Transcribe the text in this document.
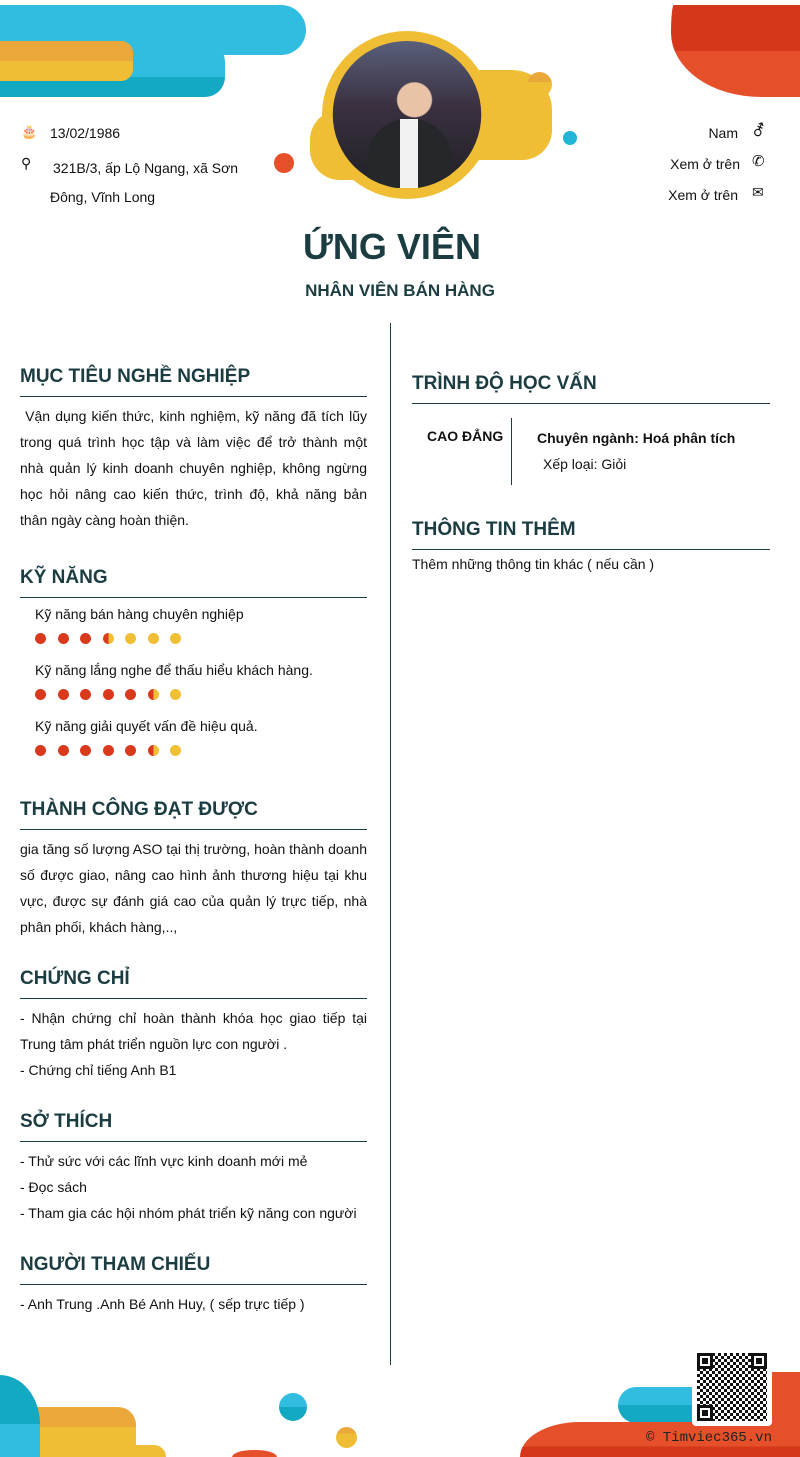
🎂 13/02/1986
⚲ 321B/3, ấp Lộ Ngang, xã Sơn Đông, Vĩnh Long
Nam ⚦
Xem ở trên ✆
Xem ở trên ✉
ỨNG VIÊN
NHÂN VIÊN BÁN HÀNG
MỤC TIÊU NGHỀ NGHIỆP
Vận dụng kiến thức, kinh nghiệm, kỹ năng đã tích lũy trong quá trình học tập và làm việc để trở thành một nhà quản lý kinh doanh chuyên nghiệp, không ngừng học hỏi nâng cao kiến thức, trình độ, khả năng bản thân ngày càng hoàn thiện.
KỸ NĂNG
Kỹ năng bán hàng chuyên nghiệp
Kỹ năng lắng nghe để thấu hiểu khách hàng.
Kỹ năng giải quyết vấn đề hiệu quả.
THÀNH CÔNG ĐẠT ĐƯỢC
gia tăng số lượng ASO tại thị trường, hoàn thành doanh số được giao, nâng cao hình ảnh thương hiệu tại khu vực, được sự đánh giá cao của quản lý trực tiếp, nhà phân phối, khách hàng,..,
CHỨNG CHỈ
- Nhận chứng chỉ hoàn thành khóa học giao tiếp tại Trung tâm phát triển nguồn lực con người .
- Chứng chỉ tiếng Anh B1
SỞ THÍCH
- Thử sức với các lĩnh vực kinh doanh mới mẻ
- Đọc sách
- Tham gia các hội nhóm phát triển kỹ năng con người
NGƯỜI THAM CHIẾU
- Anh Trung .Anh Bé Anh Huy, ( sếp trực tiếp )
TRÌNH ĐỘ HỌC VẤN
CAO ĐẲNG	Chuyên ngành: Hoá phân tích
Xếp loại: Giỏi
THÔNG TIN THÊM
Thêm những thông tin khác ( nếu cần )
© Timviec365.vn
